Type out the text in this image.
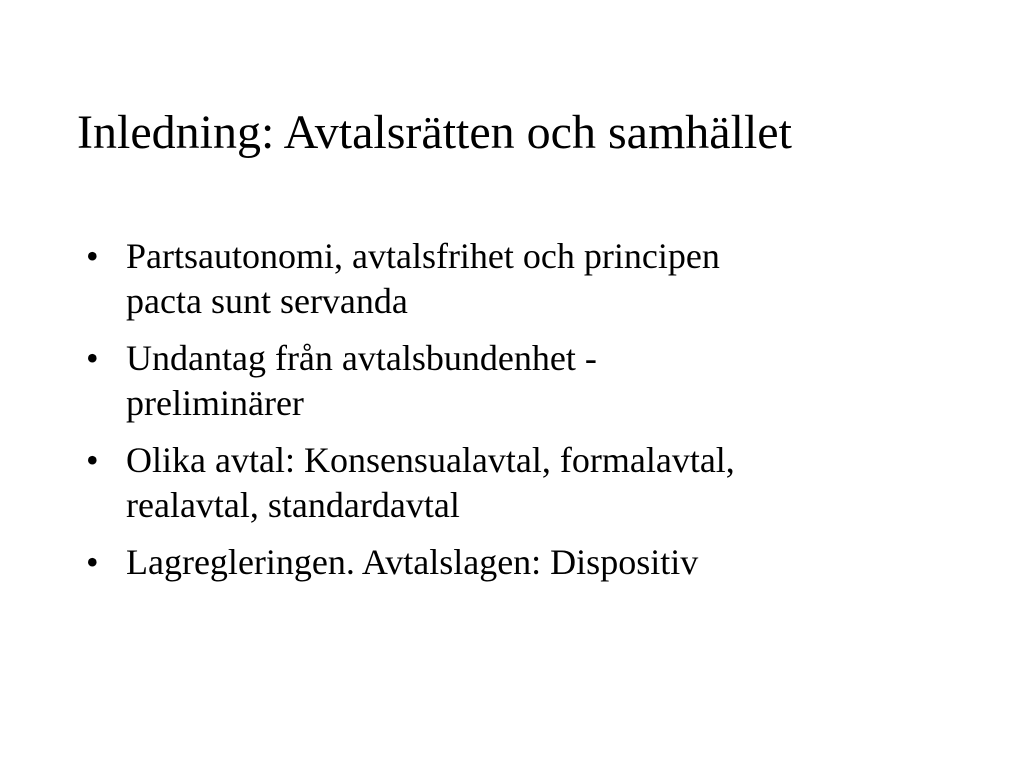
Inledning: Avtalsrätten och samhället
• Partsautonomi, avtalsfrihet och principen
pacta sunt servanda
• Undantag från avtalsbundenhet -
preliminärer
• Olika avtal: Konsensualavtal, formalavtal,
realavtal, standardavtal
• Lagregleringen. Avtalslagen: Dispositiv
